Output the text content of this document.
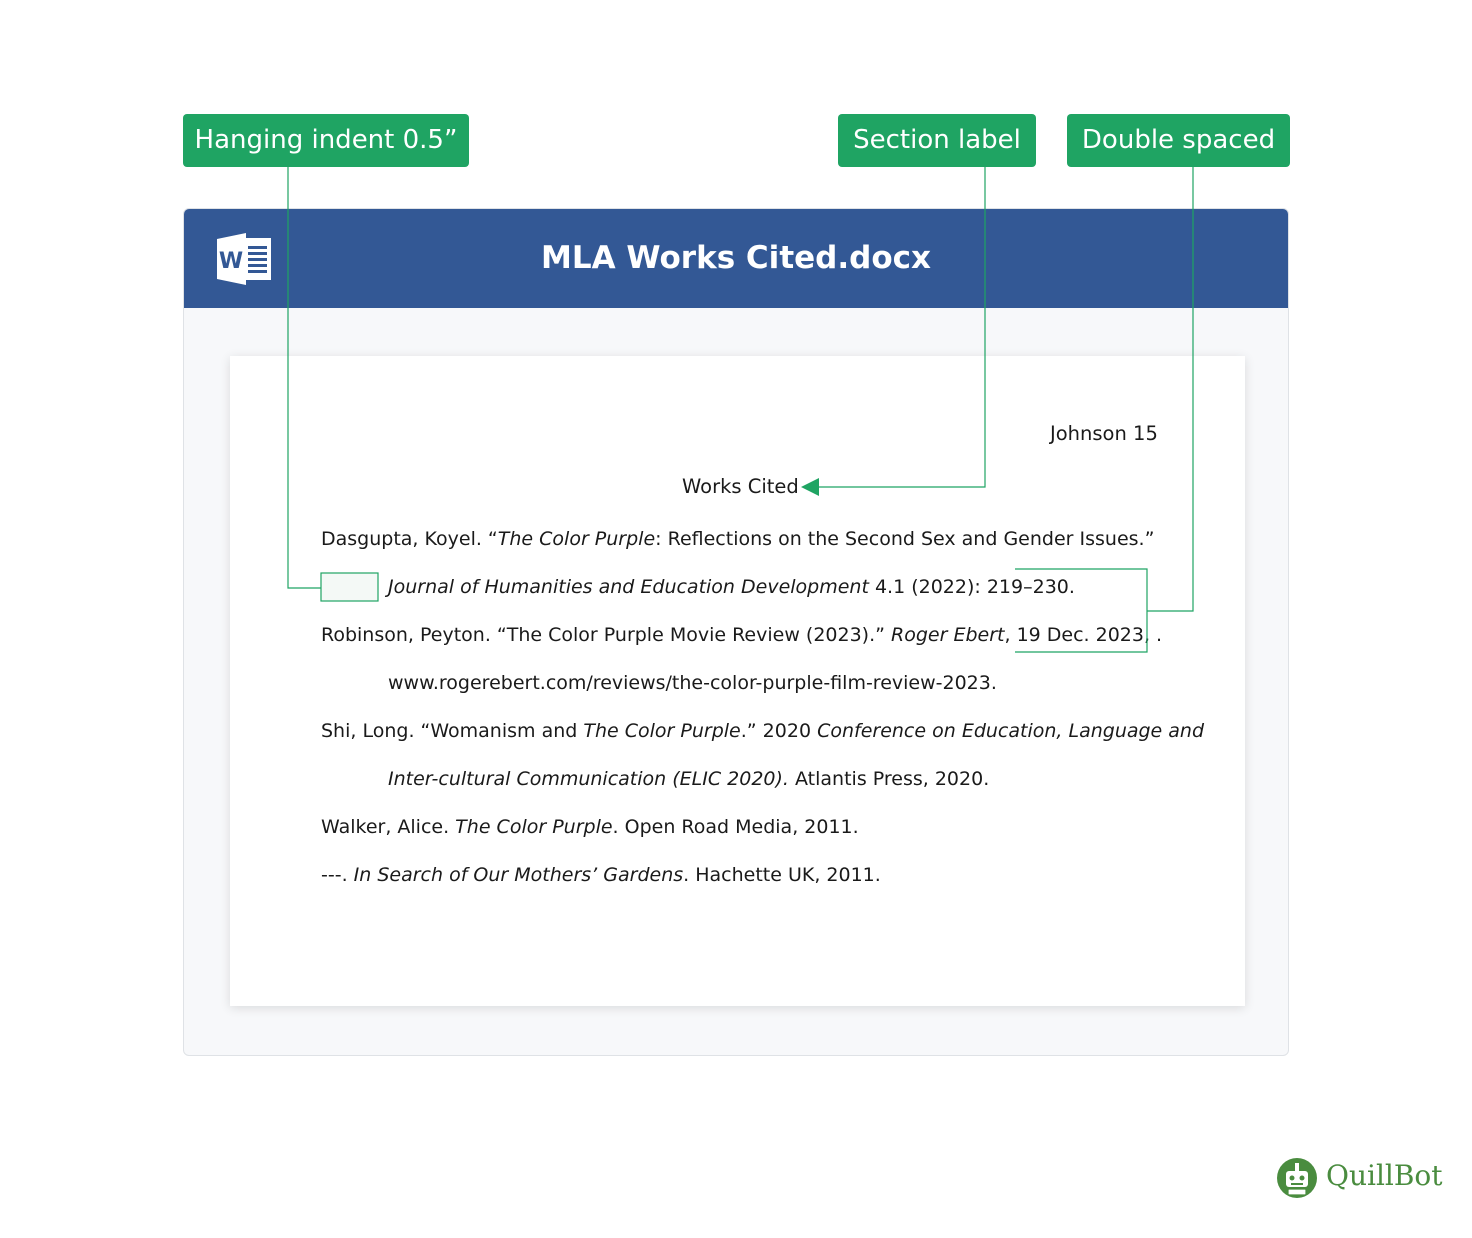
Hanging indent 0.5”	Section label	Double spaced
W	MLA Works Cited.docx
Johnson 15
Works Cited
Dasgupta, Koyel. “The Color Purple: Reflections on the Second Sex and Gender Issues.”
Journal of Humanities and Education Development 4.1 (2022): 219–230.
Robinson, Peyton. “The Color Purple Movie Review (2023).” Roger Ebert, 19 Dec. 2023, .
www.rogerebert.com/reviews/the-color-purple-film-review-2023.
Shi, Long. “Womanism and The Color Purple.” 2020 Conference on Education, Language and
Inter-cultural Communication (ELIC 2020). Atlantis Press, 2020.
Walker, Alice. The Color Purple. Open Road Media, 2011.
---. In Search of Our Mothers’ Gardens. Hachette UK, 2011.
QuillBot
